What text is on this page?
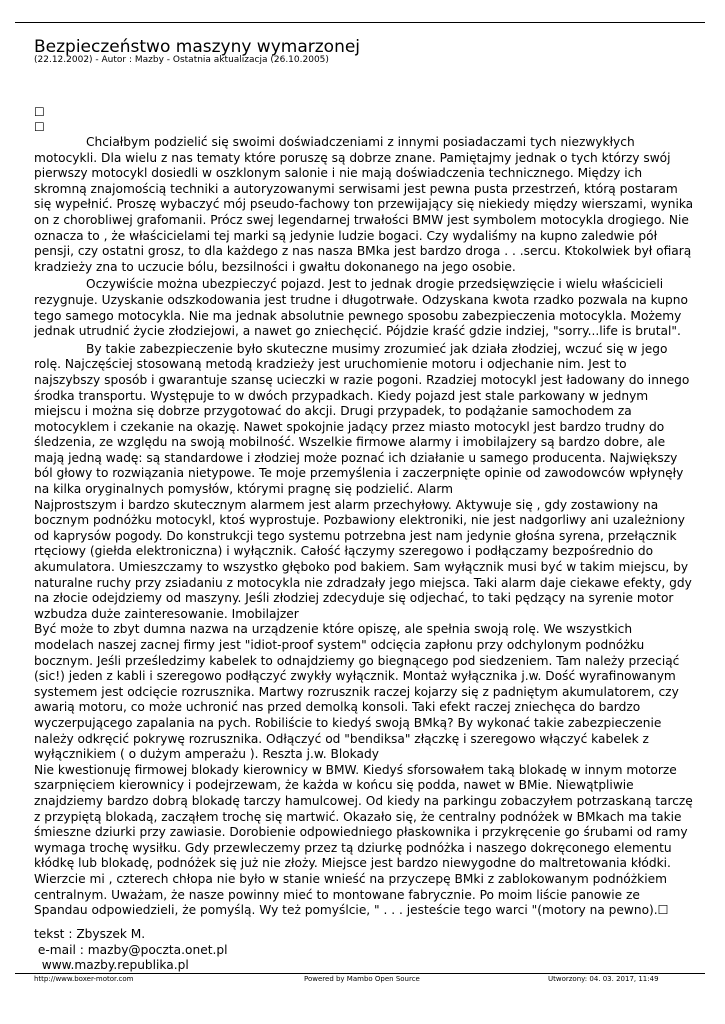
Bezpieczeństwo maszyny wymarzonej
(22.12.2002) - Autor : Mazby - Ostatnia aktualizacja (26.10.2005)
☐
☐

Chciałbym podzielić się swoimi doświadczeniami z innymi posiadaczami tych niezwykłych motocykli. Dla wielu z nas tematy które poruszę są dobrze znane. Pamiętajmy jednak o tych którzy swój pierwszy motocykl dosiedli w oszklonym salonie i nie mają doświadczenia technicznego. Między ich skromną znajomością techniki a autoryzowanymi serwisami jest pewna pusta przestrzeń, którą postaram się wypełnić. Proszę wybaczyć mój pseudo-fachowy ton przewijający się niekiedy między wierszami, wynika on z chorobliwej grafomanii. Prócz swej legendarnej trwałości BMW jest symbolem motocykla drogiego. Nie oznacza to , że właścicielami tej marki są jedynie ludzie bogaci. Czy wydaliśmy na kupno zaledwie pół pensji, czy ostatni grosz, to dla każdego z nas nasza BMka jest bardzo droga . . .sercu. Ktokolwiek był ofiarą kradzieży zna to uczucie bólu, bezsilności i gwałtu dokonanego na jego osobie.

Oczywiście można ubezpieczyć pojazd. Jest to jednak drogie przedsięwzięcie i wielu właścicieli rezygnuje. Uzyskanie odszkodowania jest trudne i długotrwałe. Odzyskana kwota rzadko pozwala na kupno tego samego motocykla. Nie ma jednak absolutnie pewnego sposobu zabezpieczenia motocykla. Możemy jednak utrudnić życie złodziejowi, a nawet go zniechęcić. Pójdzie kraść gdzie indziej, "sorry...life is brutal".

By takie zabezpieczenie było skuteczne musimy zrozumieć jak działa złodziej, wczuć się w jego rolę. Najczęściej stosowaną metodą kradzieży jest uruchomienie motoru i odjechanie nim. Jest to najszybszy sposób i gwarantuje szansę ucieczki w razie pogoni. Rzadziej motocykl jest ładowany do innego środka transportu. Występuje to w dwóch przypadkach. Kiedy pojazd jest stale parkowany w jednym miejscu i można się dobrze przygotować do akcji. Drugi przypadek, to podążanie samochodem za motocyklem i czekanie na okazję. Nawet spokojnie jadący przez miasto motocykl jest bardzo trudny do śledzenia, ze względu na swoją mobilność. Wszelkie firmowe alarmy i imobilajzery są bardzo dobre, ale mają jedną wadę: są standardowe i złodziej może poznać ich działanie u samego producenta. Największy ból głowy to rozwiązania nietypowe. Te moje przemyślenia i zaczerpnięte opinie od zawodowców wpłynęły na kilka oryginalnych pomysłów, którymi pragnę się podzielić. Alarm
Najprostszym i bardzo skutecznym alarmem jest alarm przechyłowy. Aktywuje się , gdy zostawiony na bocznym podnóżku motocykl, ktoś wyprostuje. Pozbawiony elektroniki, nie jest nadgorliwy ani uzależniony od kaprysów pogody. Do konstrukcji tego systemu potrzebna jest nam jedynie głośna syrena, przełącznik rtęciowy (giełda elektroniczna) i wyłącznik. Całość łączymy szeregowo i podłączamy bezpośrednio do akumulatora. Umieszczamy to wszystko głęboko pod bakiem. Sam wyłącznik musi być w takim miejscu, by naturalne ruchy przy zsiadaniu z motocykla nie zdradzały jego miejsca. Taki alarm daje ciekawe efekty, gdy na złocie odejdziemy od maszyny. Jeśli złodziej zdecyduje się odjechać, to taki pędzący na syrenie motor wzbudza duże zainteresowanie. Imobilajzer
Być może to zbyt dumna nazwa na urządzenie które opiszę, ale spełnia swoją rolę. We wszystkich modelach naszej zacnej firmy jest "idiot-proof system" odcięcia zapłonu przy odchylonym podnóżku bocznym. Jeśli prześledzimy kabelek to odnajdziemy go biegnącego pod siedzeniem. Tam należy przeciąć (sic!) jeden z kabli i szeregowo podłączyć zwykły wyłącznik. Montaż wyłącznika j.w. Dość wyrafinowanym systemem jest odcięcie rozrusznika. Martwy rozrusznik raczej kojarzy się z padniętym akumulatorem, czy awarią motoru, co może uchronić nas przed demolką konsoli. Taki efekt raczej zniechęca do bardzo wyczerpującego zapalania na pych. Robiliście to kiedyś swoją BMką? By wykonać takie zabezpieczenie należy odkręcić pokrywę rozrusznika. Odłączyć od "bendiksa" złączkę i szeregowo włączyć kabelek z wyłącznikiem ( o dużym amperażu ). Reszta j.w. Blokady
Nie kwestionuję firmowej blokady kierownicy w BMW. Kiedyś sforsowałem taką blokadę w innym motorze szarpnięciem kierownicy i podejrzewam, że każda w końcu się podda, nawet w BMie. Niewątpliwie znajdziemy bardzo dobrą blokadę tarczy hamulcowej. Od kiedy na parkingu zobaczyłem potrzaskaną tarczę z przypiętą blokadą, zacząłem trochę się martwić. Okazało się, że centralny podnóżek w BMkach ma takie śmieszne dziurki przy zawiasie. Dorobienie odpowiedniego płaskownika i przykręcenie go śrubami od ramy wymaga trochę wysiłku. Gdy przewleczemy przez tą dziurkę podnóżka i naszego dokręconego elementu kłódkę lub blokadę, podnóżek się już nie złoży. Miejsce jest bardzo niewygodne do maltretowania kłódki. Wierzcie mi , czterech chłopa nie było w stanie wnieść na przyczepę BMki z zablokowanym podnóżkiem centralnym. Uważam, że nasze powinny mieć to montowane fabrycznie. Po moim liście panowie ze Spandau odpowiedzieli, że pomyślą. Wy też pomyślcie, " . . . jesteście tego warci "(motory na pewno).☐

tekst : Zbyszek M.
e-mail : mazby@poczta.onet.pl
www.mazby.republika.pl
http://www.boxer-motor.com	Powered by Mambo Open Source	Utworzony: 04. 03. 2017, 11:49
